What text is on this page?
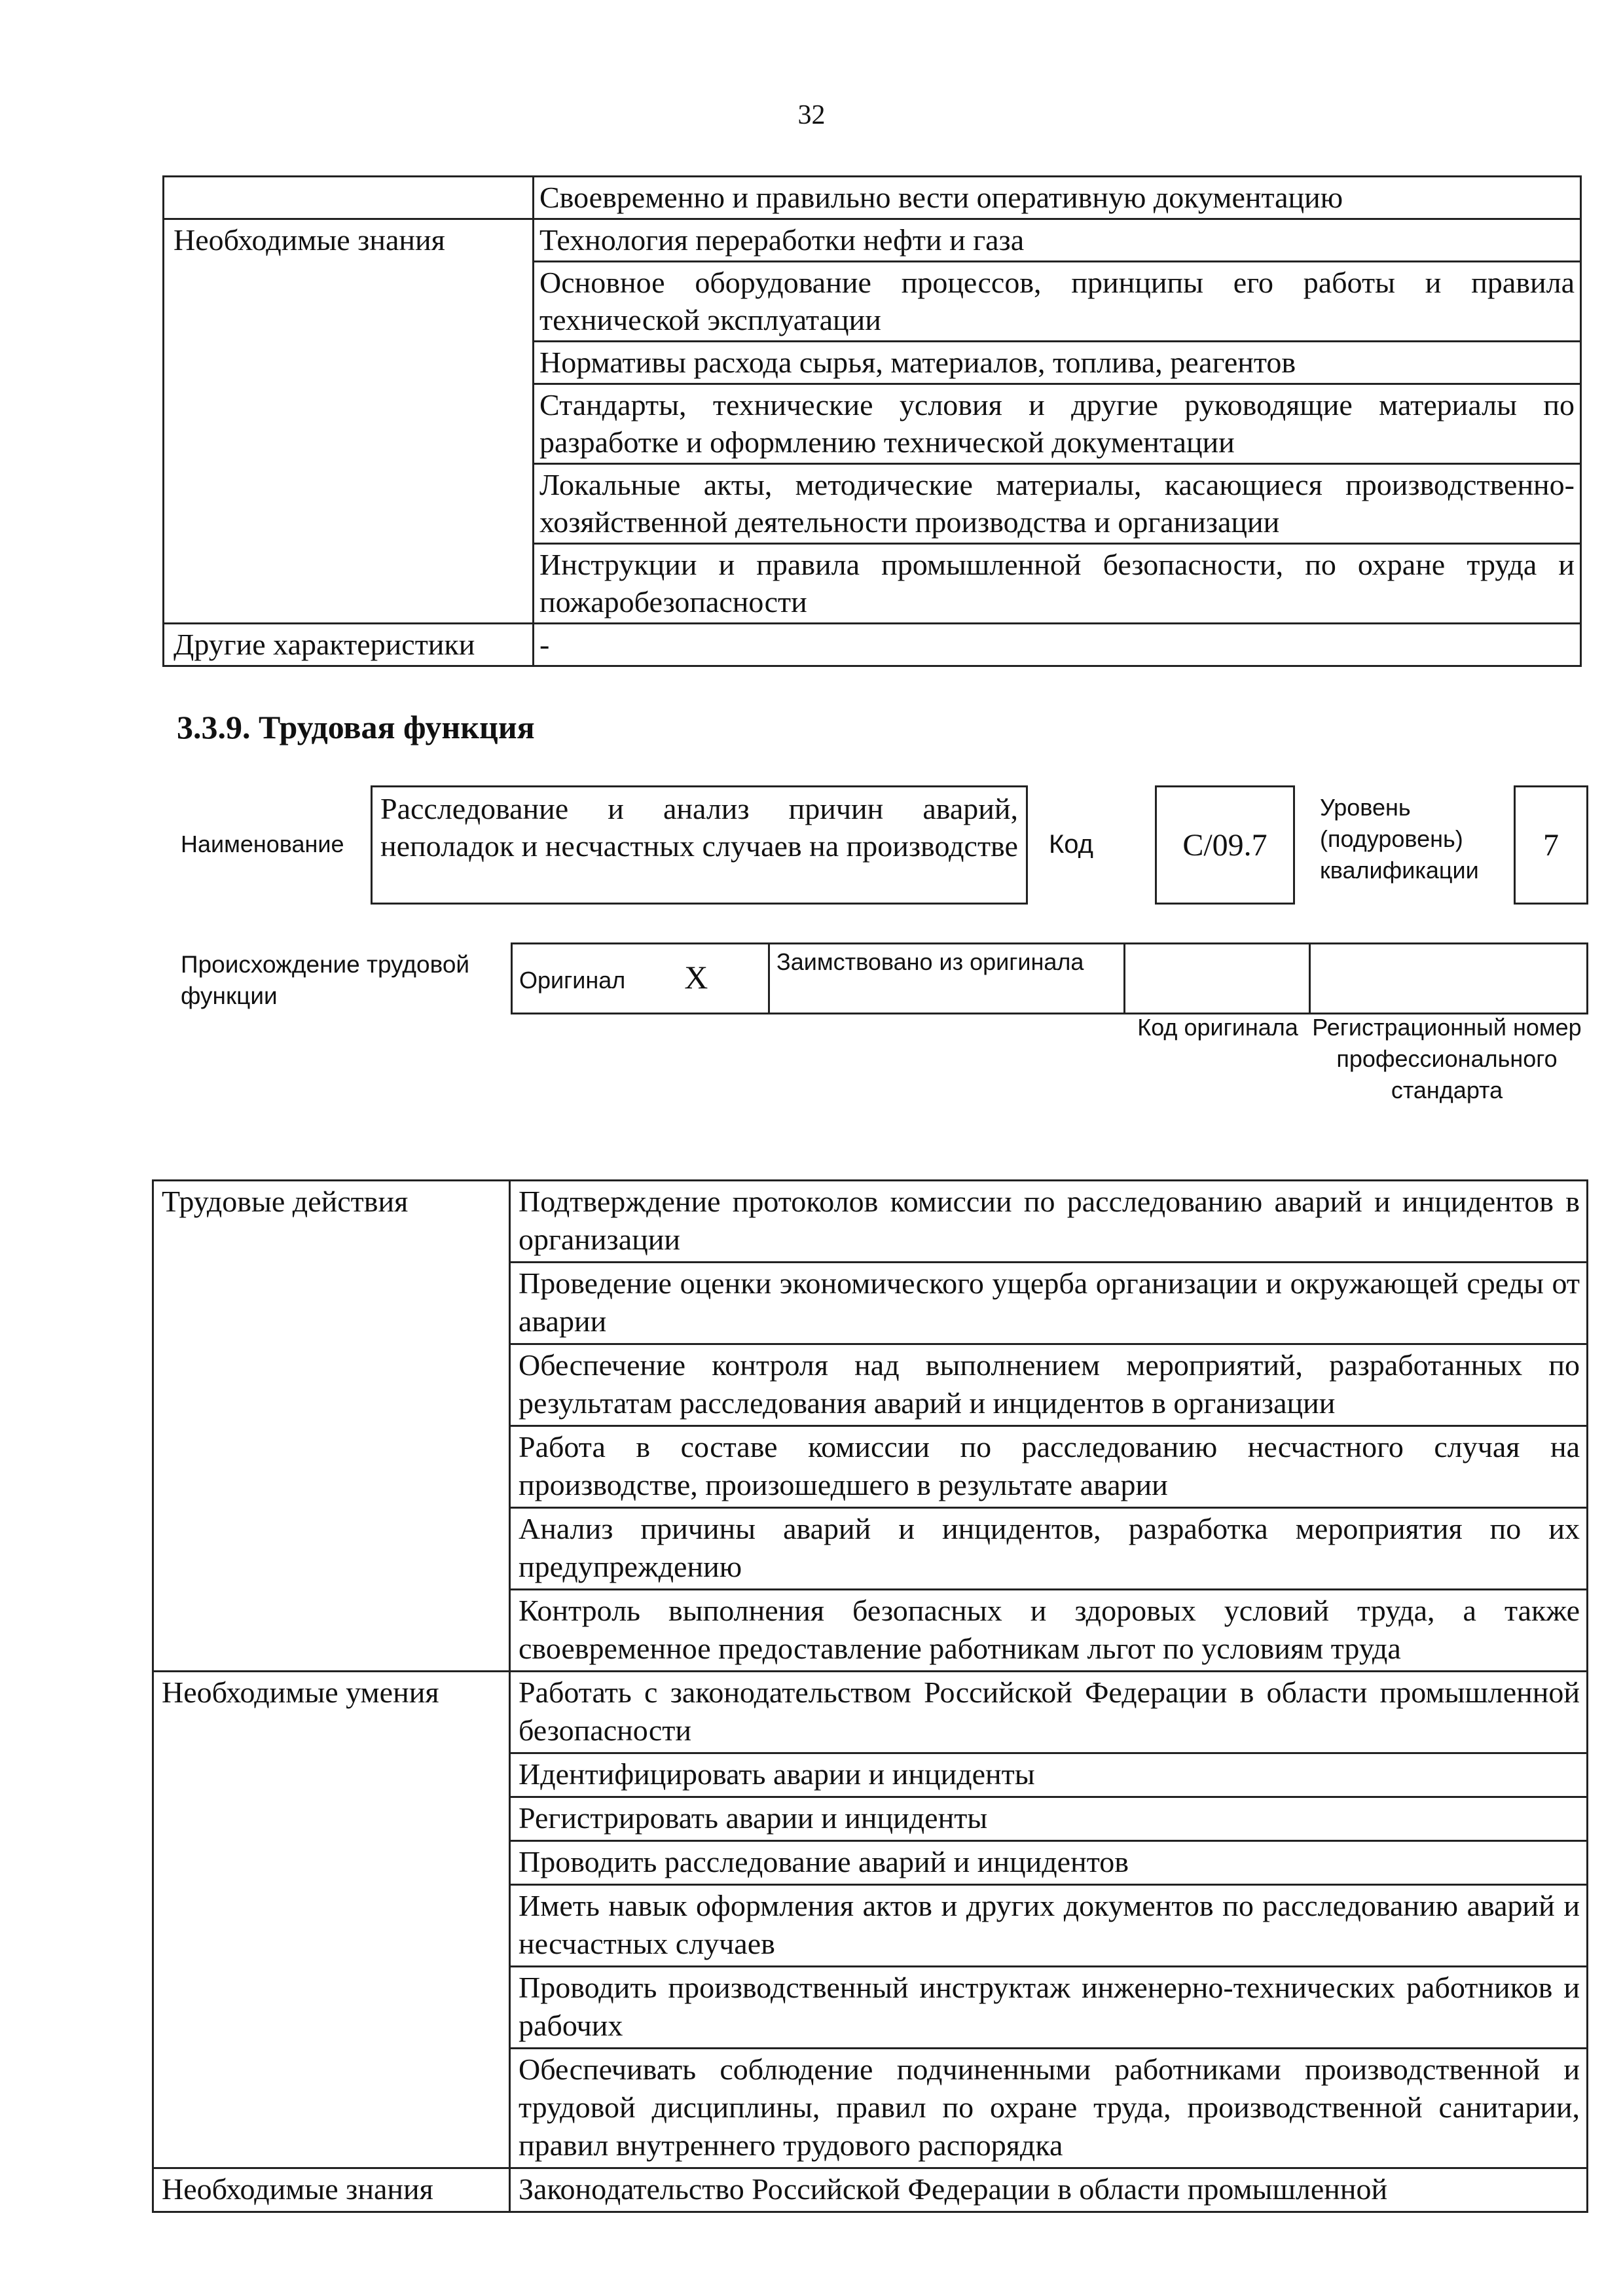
32
	Своевременно и правильно вести оперативную документацию
Необходимые знания	Технология переработки нефти и газа
	Основное оборудование процессов, принципы его работы и правила технической эксплуатации
	Нормативы расхода сырья, материалов, топлива, реагентов
	Стандарты, технические условия и другие руководящие материалы по разработке и оформлению технической документации
	Локальные акты, методические материалы, касающиеся производственно-хозяйственной деятельности производства и организации
	Инструкции и правила промышленной безопасности, по охране труда и пожаробезопасности
Другие характеристики	-
3.3.9. Трудовая функция
Наименование
Расследование и анализ причин аварий, неполадок и несчастных случаев на производстве	Код	С/09.7
Уровень (подуровень) квалификации
7
Происхождение трудовой функции
Оригинал X	Заимствовано из оригинала		
Код оригинала Регистрационный номер профессионального стандарта
Трудовые действия	Подтверждение протоколов комиссии по расследованию аварий и инцидентов в организации
	Проведение оценки экономического ущерба организации и окружающей среды от аварии
	Обеспечение контроля над выполнением мероприятий, разработанных по результатам расследования аварий и инцидентов в организации
	Работа в составе комиссии по расследованию несчастного случая на производстве, произошедшего в результате аварии
	Анализ причины аварий и инцидентов, разработка мероприятия по их предупреждению
	Контроль выполнения безопасных и здоровых условий труда, а также своевременное предоставление работникам льгот по условиям труда
Необходимые умения	Работать с законодательством Российской Федерации в области промышленной безопасности
	Идентифицировать аварии и инциденты
	Регистрировать аварии и инциденты
	Проводить расследование аварий и инцидентов
	Иметь навык оформления актов и других документов по расследованию аварий и несчастных случаев
	Проводить производственный инструктаж инженерно-технических работников и рабочих
	Обеспечивать соблюдение подчиненными работниками производственной и трудовой дисциплины, правил по охране труда, производственной санитарии, правил внутреннего трудового распорядка
Необходимые знания	Законодательство Российской Федерации в области промышленной
